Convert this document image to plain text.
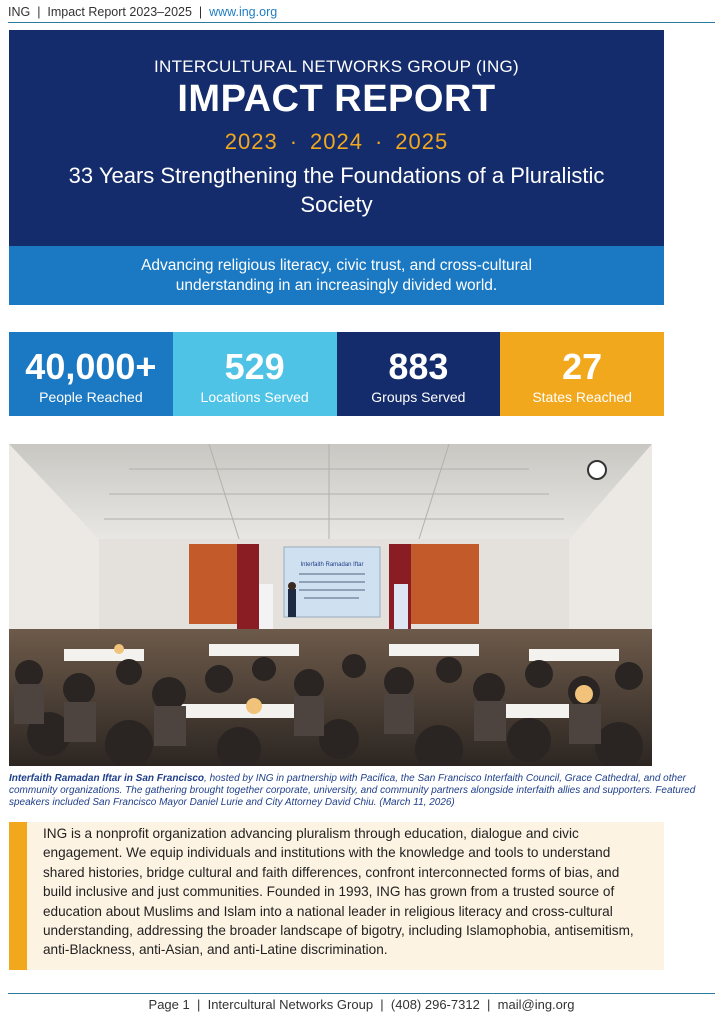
ING | Impact Report 2023–2025 | www.ing.org
INTERCULTURAL NETWORKS GROUP (ING)
IMPACT REPORT
2023 · 2024 · 2025
33 Years Strengthening the Foundations of a Pluralistic Society
Advancing religious literacy, civic trust, and cross-cultural understanding in an increasingly divided world.
40,000+
People Reached
529
Locations Served
883
Groups Served
27
States Reached
Interfaith Ramadan Iftar
Interfaith Ramadan Iftar in San Francisco, hosted by ING in partnership with Pacifica, the San Francisco Interfaith Council, Grace Cathedral, and other community organizations. The gathering brought together corporate, university, and community partners alongside interfaith allies and supporters. Featured speakers included San Francisco Mayor Daniel Lurie and City Attorney David Chiu. (March 11, 2026)

ING is a nonprofit organization advancing pluralism through education, dialogue and civic engagement. We equip individuals and institutions with the knowledge and tools to understand shared histories, bridge cultural and faith differences, confront interconnected forms of bias, and build inclusive and just communities. Founded in 1993, ING has grown from a trusted source of education about Muslims and Islam into a national leader in religious literacy and cross-cultural understanding, addressing the broader landscape of bigotry, including Islamophobia, antisemitism, anti-Blackness, anti-Asian, and anti-Latine discrimination.

Page 1 | Intercultural Networks Group | (408) 296-7312 | mail@ing.org
